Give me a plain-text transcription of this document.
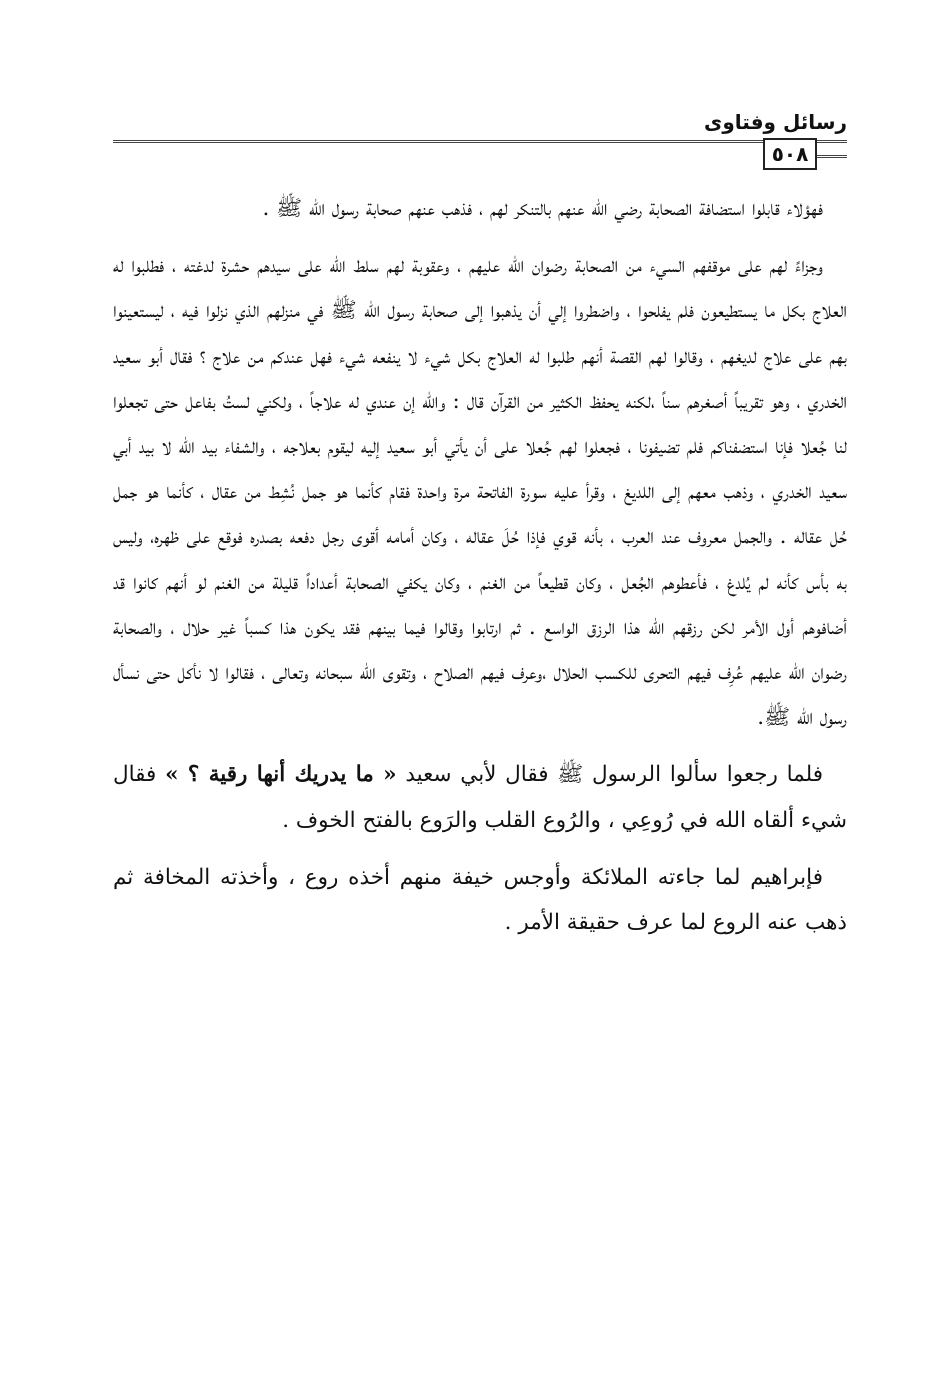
رسائل وفتاوى
٥٠٨

فهؤلاء قابلوا استضافة الصحابة رضي الله عنهم بالتنكر لهم ، فذهب عنهم صحابة رسول الله ﷺ .

وجزاءً لهم على موقفهم السيء من الصحابة رضوان الله عليهم ، وعقوبة لهم سلط الله على سيدهم حشرة لدغته ، فطلبوا له العلاج بكل ما يستطيعون فلم يفلحوا ، واضطروا إلي أن يذهبوا إلى صحابة رسول الله ﷺ في منزلهم الذي نزلوا فيه ، ليستعينوا بهم على علاج لديغهم ، وقالوا لهم القصة أنهم طلبوا له العلاج بكل شيء لا ينفعه شيء فهل عندكم من علاج ؟ فقال أبو سعيد الخدري ، وهو تقريباً أصغرهم سناً ،لكنه يحفظ الكثير من القرآن قال : والله إن عندي له علاجاً ، ولكني لستُ بفاعل حتى تجعلوا لنا جُعلا فإنا استضفناكم فلم تضيفونا ، فجعلوا لهم جُعلا على أن يأتي أبو سعيد إليه ليقوم بعلاجه ، والشفاء بيد الله لا بيد أبي سعيد الخدري ، وذهب معهم إلى اللديغ ، وقرأ عليه سورة الفاتحة مرة واحدة فقام كأنما هو جمل نُشِط من عقال ، كأنما هو جمل حُل عقاله . والجمل معروف عند العرب ، بأنه قوي فإذا حُلَ عقاله ، وكان أمامه أقوى رجل دفعه بصدره فوقع على ظهره، وليس به بأس كأنه لم يُلدغ ، فأعطوهم الجُعل ، وكان قطيعاً من الغنم ، وكان يكفي الصحابة أعداداً قليلة من الغنم لو أنهم كانوا قد أضافوهم أول الأمر لكن رزقهم الله هذا الرزق الواسع . ثم ارتابوا وقالوا فيما بينهم فقد يكون هذا كسباً غير حلال ، والصحابة رضوان الله عليهم عُرِف فيهم التحرى للكسب الحلال ،وعرف فيهم الصلاح ، وتقوى الله سبحانه وتعالى ، فقالوا لا نأكل حتى نسأل رسول الله ﷺ.

فلما رجعوا سألوا الرسول ﷺ فقال لأبي سعيد « ما يدريك أنها رقية ؟ » فقال شيء ألقاه الله في رُوعِي ، والرُوع القلب والرَوع بالفتح الخوف .

فإبراهيم لما جاءته الملائكة وأوجس خيفة منهم أخذه روع ، وأخذته المخافة ثم ذهب عنه الروع لما عرف حقيقة الأمر .
